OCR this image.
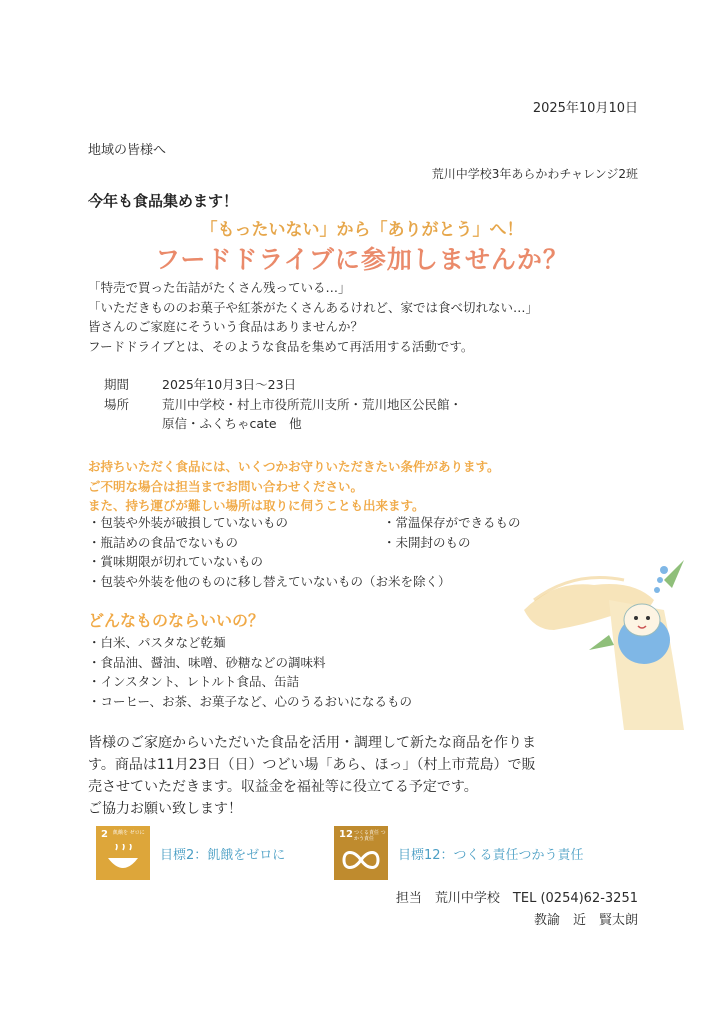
2025年10月10日
地域の皆様へ
荒川中学校3年あらかわチャレンジ2班
今年も食品集めます！
「もったいない」から「ありがとう」へ！
フードドライブに参加しませんか？
「特売で買った缶詰がたくさん残っている…」
「いただきもののお菓子や紅茶がたくさんあるけれど、家では食べ切れない…」
皆さんのご家庭にそういう食品はありませんか？
フードドライブとは、そのような食品を集めて再活用する活動です。
期間	2025年10月3日～23日
場所	荒川中学校・村上市役所荒川支所・荒川地区公民館・
原信・ふくちゃcate　他
お持ちいただく食品には、いくつかお守りいただきたい条件があります。
ご不明な場合は担当までお問い合わせください。
また、持ち運びが難しい場所は取りに伺うことも出来ます。
・包装や外装が破損していないもの	・常温保存ができるもの
・瓶詰めの食品でないもの	・未開封のもの
・賞味期限が切れていないもの
・包装や外装を他のものに移し替えていないもの（お米を除く）
どんなものならいいの？
・白米、パスタなど乾麺
・食品油、醤油、味噌、砂糖などの調味料
・インスタント、レトルト食品、缶詰
・コーヒー、お茶、お菓子など、心のうるおいになるもの
皆様のご家庭からいただいた食品を活用・調理して新たな商品を作りま
す。商品は11月23日（日）つどい場「あら、ほっ」（村上市荒島）で販
売させていただきます。収益金を福祉等に役立てる予定です。
ご協力お願い致します！
2 飢餓を ゼロに
目標2：飢餓をゼロに
12 つくる責任 つかう責任
目標12：つくる責任つかう責任
担当　荒川中学校　TEL (0254)62-3251
教諭　近　賢太朗
